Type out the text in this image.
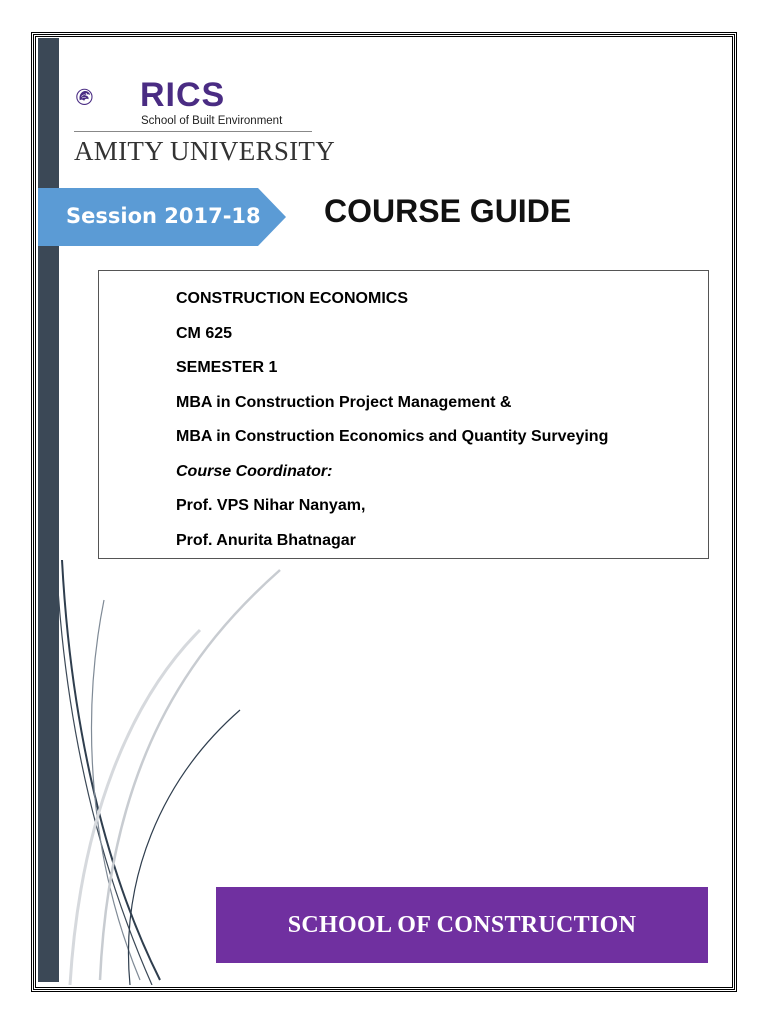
RICS
School of Built Environment
AMITY UNIVERSITY
Session 2017-18 COURSE GUIDE
CONSTRUCTION ECONOMICS
CM 625
SEMESTER 1
MBA in Construction Project Management &
MBA in Construction Economics and Quantity Surveying
Course Coordinator:
Prof. VPS Nihar Nanyam,
Prof. Anurita Bhatnagar
SCHOOL OF CONSTRUCTION
